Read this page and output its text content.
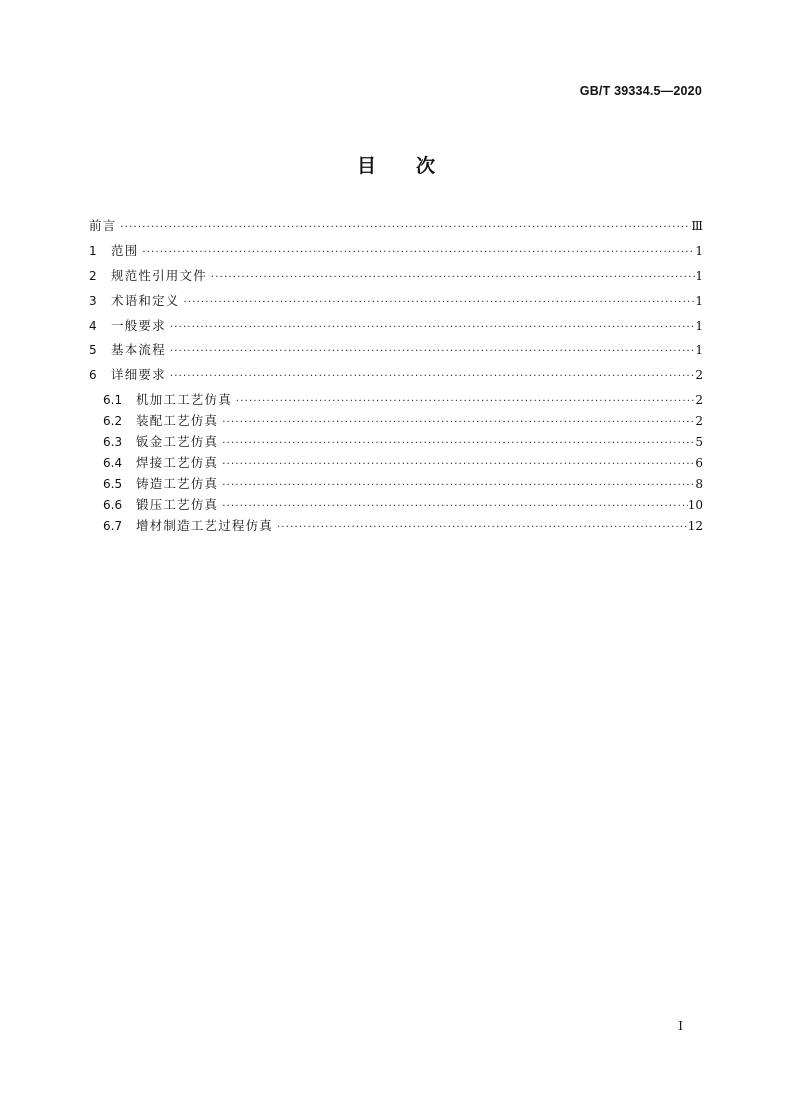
GB/T 39334.5—2020
目 次
前言 ·····	Ⅲ
1	范围 ·····	1
2	规范性引用文件 ·····	1
3	术语和定义 ·····	1
4	一般要求 ·····	1
5	基本流程 ·····	1
6	详细要求 ·····	2
6.1	机加工工艺仿真 ·····	2
6.2	装配工艺仿真 ·····	2
6.3	钣金工艺仿真 ·····	5
6.4	焊接工艺仿真 ·····	6
6.5	铸造工艺仿真 ·····	8
6.6	锻压工艺仿真 ·····	10
6.7	增材制造工艺过程仿真 ·····	12
I
